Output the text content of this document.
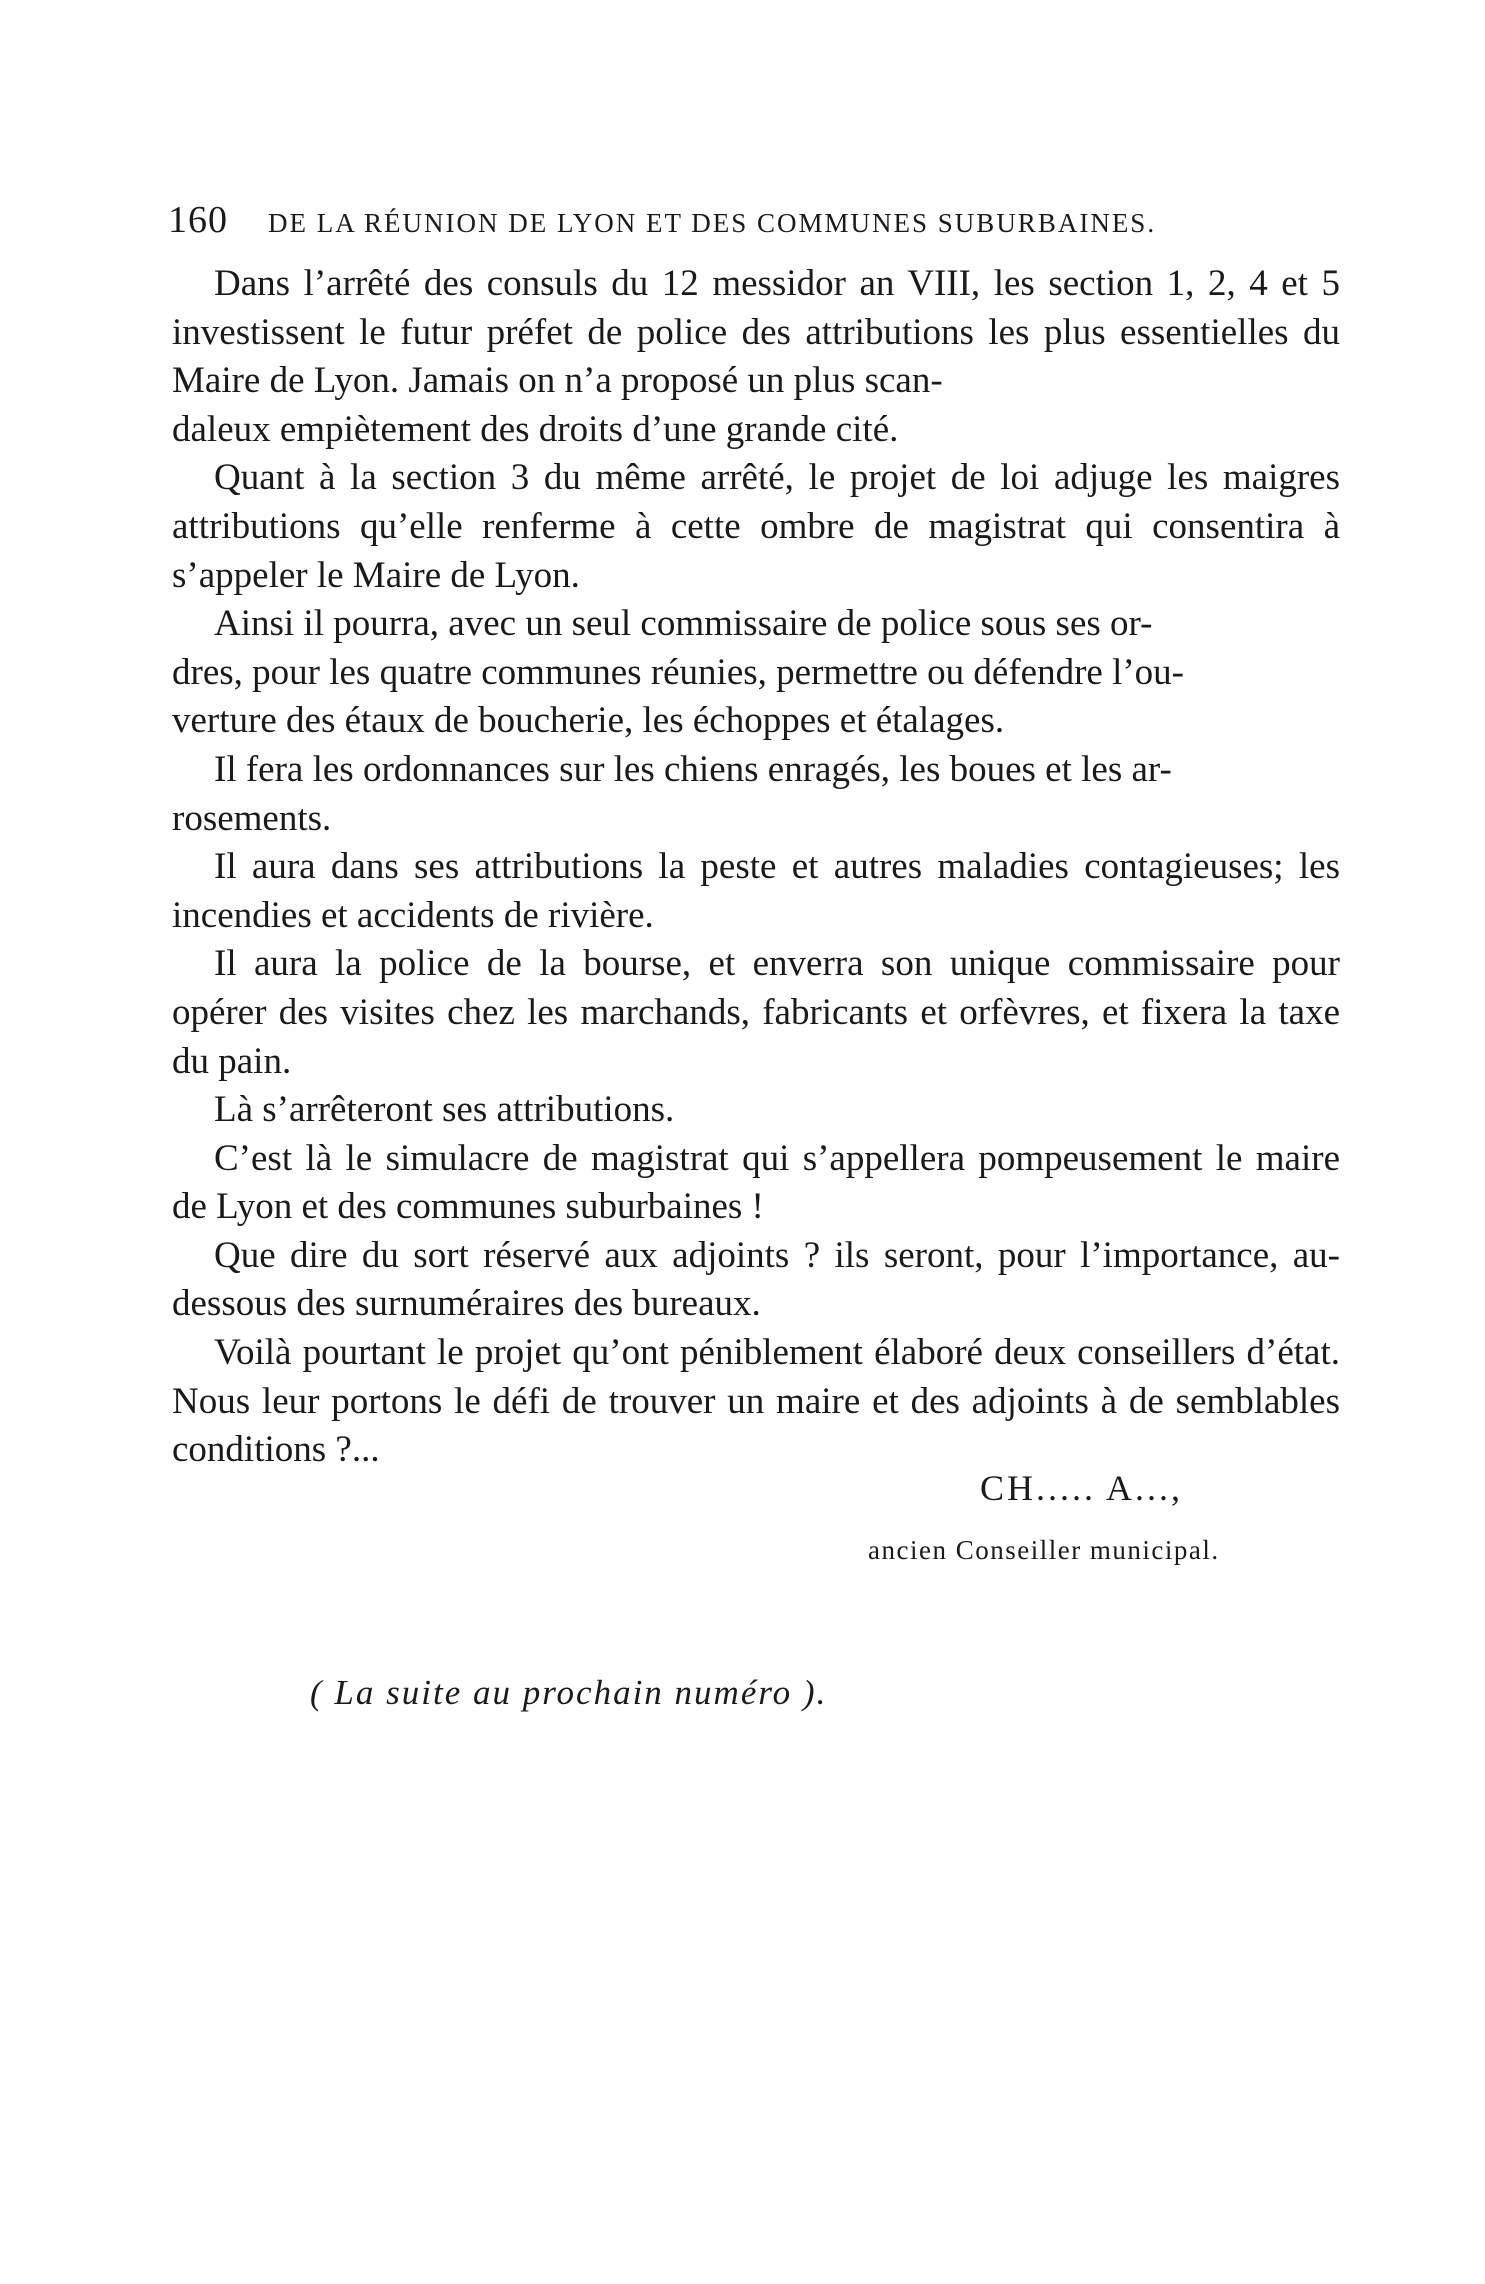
160 DE LA RÉUNION DE LYON ET DES COMMUNES SUBURBAINES.

Dans l’arrêté des consuls du 12 messidor an VIII, les section 1, 2, 4 et 5 investissent le futur préfet de police des attributions les plus essentielles du Maire de Lyon. Jamais on n’a proposé un plus scan-
daleux empiètement des droits d’une grande cité.

Quant à la section 3 du même arrêté, le projet de loi adjuge les maigres attributions qu’elle renferme à cette ombre de magistrat qui consentira à s’appeler le Maire de Lyon.

Ainsi il pourra, avec un seul commissaire de police sous ses or-
dres, pour les quatre communes réunies, permettre ou défendre l’ou-
verture des étaux de boucherie, les échoppes et étalages.

Il fera les ordonnances sur les chiens enragés, les boues et les ar-
rosements.

Il aura dans ses attributions la peste et autres maladies contagieuses; les incendies et accidents de rivière.

Il aura la police de la bourse, et enverra son unique commissaire pour opérer des visites chez les marchands, fabricants et orfèvres, et fixera la taxe du pain.

Là s’arrêteront ses attributions.

C’est là le simulacre de magistrat qui s’appellera pompeusement le maire de Lyon et des communes suburbaines !

Que dire du sort réservé aux adjoints ? ils seront, pour l’importance, au-dessous des surnuméraires des bureaux.

Voilà pourtant le projet qu’ont péniblement élaboré deux conseillers d’état. Nous leur portons le défi de trouver un maire et des adjoints à de semblables conditions ?...

CH..... A...,
ancien Conseiller municipal.
( La suite au prochain numéro ).
